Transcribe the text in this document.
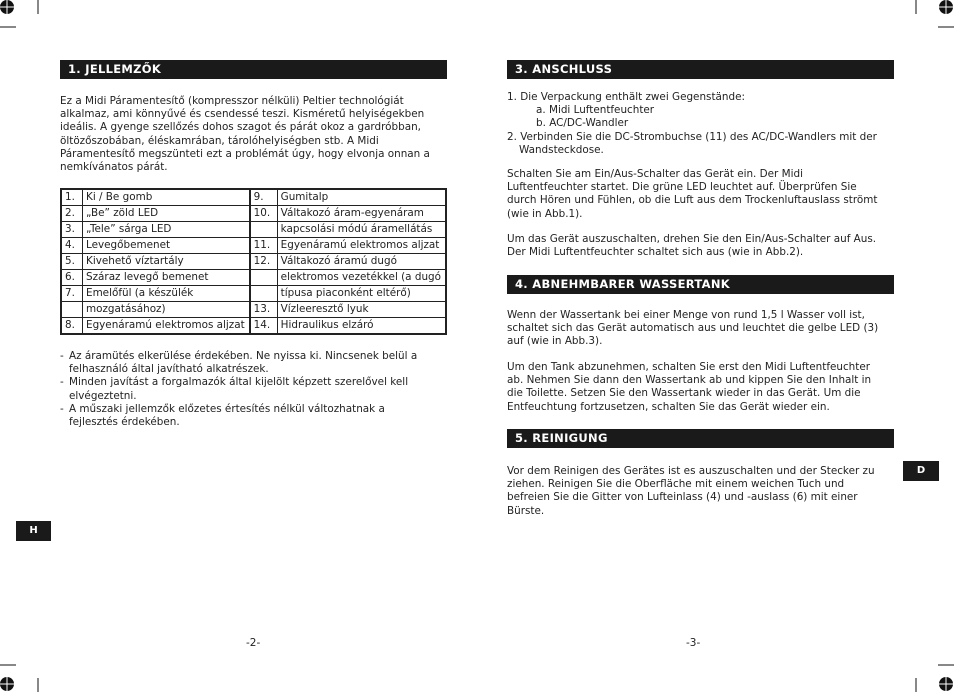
1. JELLEMZŐK

Ez a Midi Páramentesítő (kompresszor nélküli) Peltier technológiát

alkalmaz, ami könnyűvé és csendessé teszi. Kisméretű helyiségekben

ideális. A gyenge szellőzés dohos szagot és párát okoz a gardróbban,

öltözőszobában, éléskamrában, tárolóhelyiségben stb. A Midi

Páramentesítő megszünteti ezt a problémát úgy, hogy elvonja onnan a

nemkívánatos párát.

1.	Ki / Be gomb	9.	Gumitalp
2.	„Be” zöld LED	10.	Váltakozó áram-egyenáram
3.	„Tele” sárga LED		kapcsolási módú áramellátás
4.	Levegőbemenet	11.	Egyenáramú elektromos aljzat
5.	Kivehető víztartály	12.	Váltakozó áramú dugó
6.	Száraz levegő bemenet		elektromos vezetékkel (a dugó
7.	Emelőfül (a készülék		típusa piaconként eltérő)
	mozgatásához)	13.	Vízleeresztő lyuk
8.	Egyenáramú elektromos aljzat	14.	Hidraulikus elzáró
- Az áramütés elkerülése érdekében. Ne nyissa ki. Nincsenek belül a
felhasználó által javítható alkatrészek.
- Minden javítást a forgalmazók által kijelölt képzett szerelővel kell
elvégeztetni.
- A műszaki jellemzők előzetes értesítés nélkül változhatnak a
fejlesztés érdekében.
H
-2-
3. ANSCHLUSS

1. Die Verpackung enthält zwei Gegenstände:

a. Midi Luftentfeuchter

b. AC/DC-Wandler

2. Verbinden Sie die DC-Strombuchse (11) des AC/DC-Wandlers mit der

Wandsteckdose.

Schalten Sie am Ein/Aus-Schalter das Gerät ein. Der Midi

Luftentfeuchter startet. Die grüne LED leuchtet auf. Überprüfen Sie

durch Hören und Fühlen, ob die Luft aus dem Trockenluftauslass strömt

(wie in Abb.1).

Um das Gerät auszuschalten, drehen Sie den Ein/Aus-Schalter auf Aus.

Der Midi Luftentfeuchter schaltet sich aus (wie in Abb.2).

4. ABNEHMBARER WASSERTANK

Wenn der Wassertank bei einer Menge von rund 1,5 l Wasser voll ist,

schaltet sich das Gerät automatisch aus und leuchtet die gelbe LED (3)

auf (wie in Abb.3).

Um den Tank abzunehmen, schalten Sie erst den Midi Luftentfeuchter

ab. Nehmen Sie dann den Wassertank ab und kippen Sie den Inhalt in

die Toilette. Setzen Sie den Wassertank wieder in das Gerät. Um die

Entfeuchtung fortzusetzen, schalten Sie das Gerät wieder ein.

5. REINIGUNG

Vor dem Reinigen des Gerätes ist es auszuschalten und der Stecker zu

ziehen. Reinigen Sie die Oberfläche mit einem weichen Tuch und

befreien Sie die Gitter von Lufteinlass (4) und -auslass (6) mit einer

Bürste.

D
-3-
